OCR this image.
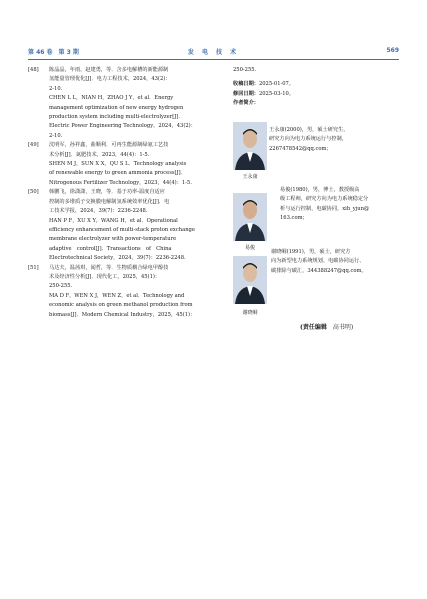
第 46 卷　第 3 期	发 电 技 术	569
[48] 陈晶晶，年雨，赵建勇，等．含多电解槽的新能源制

氢能量管理优化[J]．电力工程技术，2024，43(2)：

2-10.

CHEN L L，NIAN H，ZHAO J Y，et al．Energy

management optimization of new energy hydrogen

production system including multi-electrolyzer[J]．

Electric Power Engineering Technology，2024，43(2)：

2-10.

[49] 沈明军，孙祥鑫，曲顺利．可再生能源制绿氨工艺技

术分析[J]．氮肥技术，2023，44(4)：1-5.

SHEN M J，SUN X X，QU S L．Technology analysis

of renewable energy to green ammonia process[J]．

Nitrogenous Fertilizer Technology，2023，44(4)：1-5.

[50] 韩鹏飞，徐潇潇，王晓，等．基于功率-温度自适应

控制的多堆质子交换膜电解制氢系统效率优化[J]．电

工技术学报，2024，39(7)：2236-2248.

HAN P F，XU X Y，WANG H，et al．Operational

efficiency enhancement of multi-stack proton exchange

membrane electrolyzer with power-temperature

adaptive　control[J]．Transactions　of　China

Electrotechnical Society，2024，39(7)：2236-2248.

[51] 马达夫，温茜琪，闻哲，等．生物质耦合绿电甲醇技

术及经济性分析[J]．现代化工，2025，45(1)：

250-255.

MA D F，WEN X J，WEN Z，et al．Technology and

economic analysis on green methanol production from

biomass[J]．Modern Chemical Industry，2025，45(1)：

250-255.

收稿日期：2025-01-07。

修回日期：2025-03-10。

作者简介：

王永康

王永康(2000)，男，硕士研究生，

研究方向为电力系统运行与控制，

2267478542@qq.com；

易俊

易俊(1980)，男，博士，教授级高

级工程师，研究方向为电力系统稳定分

析与运行控制、电碳协同，xih_yjun@

163.com；

谢晓峒

谢晓峒(1991)，男，硕士，研究方

向为新型电力系统规划、电碳协同运行、

碳排除与碳汇，344388247@qq.com。

(责任编辑 高书明)
